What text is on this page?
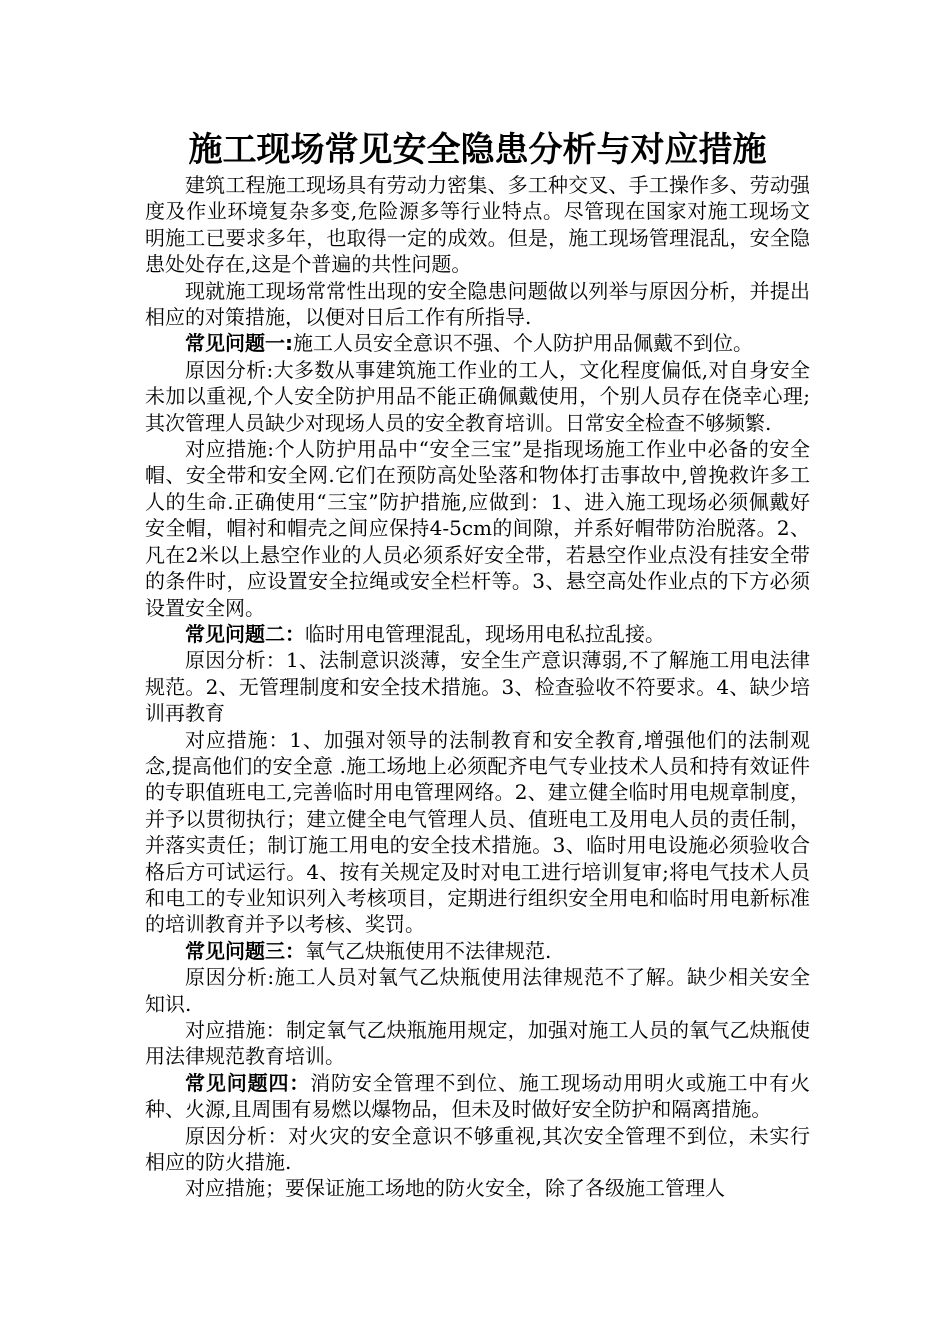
施工现场常见安全隐患分析与对应措施

建筑工程施工现场具有劳动力密集、多工种交叉、手工操作多、劳动强度及作业环境复杂多变,危险源多等行业特点。尽管现在国家对施工现场文明施工已要求多年，也取得一定的成效。但是，施工现场管理混乱，安全隐患处处存在,这是个普遍的共性问题。

现就施工现场常常性出现的安全隐患问题做以列举与原因分析，并提出相应的对策措施，以便对日后工作有所指导.

常见问题一:施工人员安全意识不强、个人防护用品佩戴不到位。

原因分析:大多数从事建筑施工作业的工人，文化程度偏低,对自身安全未加以重视,个人安全防护用品不能正确佩戴使用，个别人员存在侥幸心理;其次管理人员缺少对现场人员的安全教育培训。日常安全检查不够频繁.

对应措施:个人防护用品中“安全三宝”是指现场施工作业中必备的安全帽、安全带和安全网.它们在预防高处坠落和物体打击事故中,曾挽救许多工人的生命.正确使用“三宝”防护措施,应做到：1、进入施工现场必须佩戴好安全帽，帽衬和帽壳之间应保持4-5cm的间隙，并系好帽带防治脱落。2、凡在2米以上悬空作业的人员必须系好安全带，若悬空作业点没有挂安全带的条件时，应设置安全拉绳或安全栏杆等。3、悬空高处作业点的下方必须设置安全网。

常见问题二：临时用电管理混乱，现场用电私拉乱接。

原因分析：1、法制意识淡薄，安全生产意识薄弱,不了解施工用电法律规范。2、无管理制度和安全技术措施。3、检查验收不符要求。4、缺少培训再教育

对应措施：1、加强对领导的法制教育和安全教育,增强他们的法制观念,提高他们的安全意 .施工场地上必须配齐电气专业技术人员和持有效证件的专职值班电工,完善临时用电管理网络。2、建立健全临时用电规章制度，并予以贯彻执行；建立健全电气管理人员、值班电工及用电人员的责任制，并落实责任；制订施工用电的安全技术措施。3、临时用电设施必须验收合格后方可试运行。4、按有关规定及时对电工进行培训复审;将电气技术人员和电工的专业知识列入考核项目，定期进行组织安全用电和临时用电新标准的培训教育并予以考核、奖罚。

常见问题三：氧气乙炔瓶使用不法律规范.

原因分析:施工人员对氧气乙炔瓶使用法律规范不了解。缺少相关安全知识.

对应措施：制定氧气乙炔瓶施用规定，加强对施工人员的氧气乙炔瓶使用法律规范教育培训。

常见问题四：消防安全管理不到位、施工现场动用明火或施工中有火种、火源,且周围有易燃以爆物品，但未及时做好安全防护和隔离措施。

原因分析：对火灾的安全意识不够重视,其次安全管理不到位，未实行相应的防火措施.

对应措施；要保证施工场地的防火安全，除了各级施工管理人
